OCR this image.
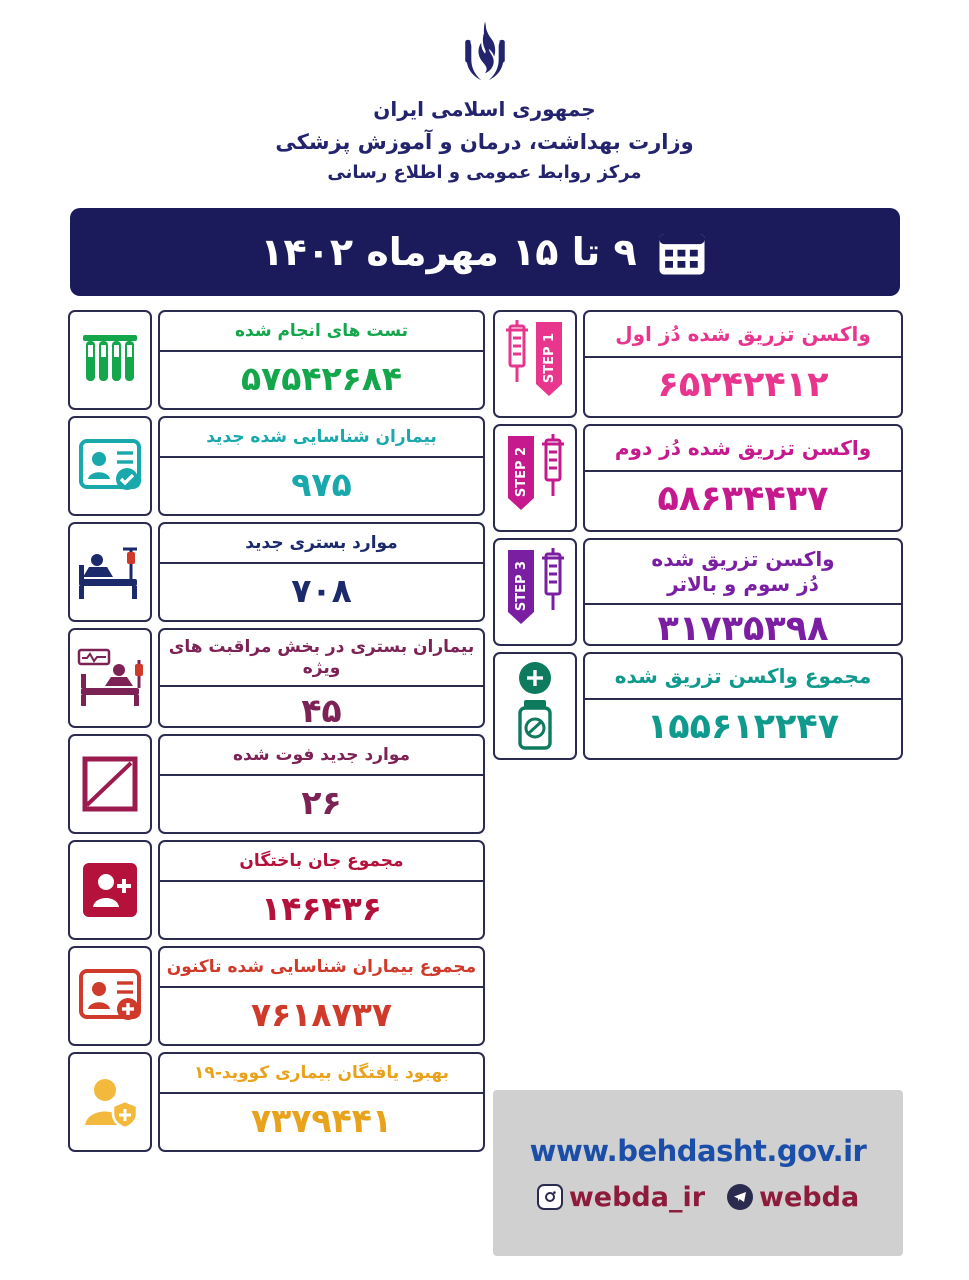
جمهوری اسلامی ایران
وزارت بهداشت، درمان و آموزش پزشکی
مرکز روابط عمومی و اطلاع رسانی
۹ تا ۱۵ مهرماه ۱۴۰۲
واکسن تزریق شده دُز اول
۶۵۲۴۲۴۱۲
STEP 1
واکسن تزریق شده دُز دوم
۵۸۶۳۴۴۳۷
STEP 2
واکسن تزریق شده
دُز سوم و بالاتر
۳۱۷۳۵۳۹۸
STEP 3
مجموع واکسن تزریق شده
۱۵۵۶۱۲۲۴۷
تست های انجام شده
۵۷۵۴۲۶۸۴
بیماران شناسایی شده جدید
۹۷۵
موارد بستری جدید
۷۰۸
بیماران بستری در بخش مراقبت های ویژه
۴۵
موارد جدید فوت شده
۲۶
مجموع جان باختگان
۱۴۶۴۳۶
مجموع بیماران شناسایی شده تاکنون
۷۶۱۸۷۳۷
بهبود یافتگان بیماری کووید-۱۹
۷۳۷۹۴۴۱
www.behdasht.gov.ir
webda_ir webda
